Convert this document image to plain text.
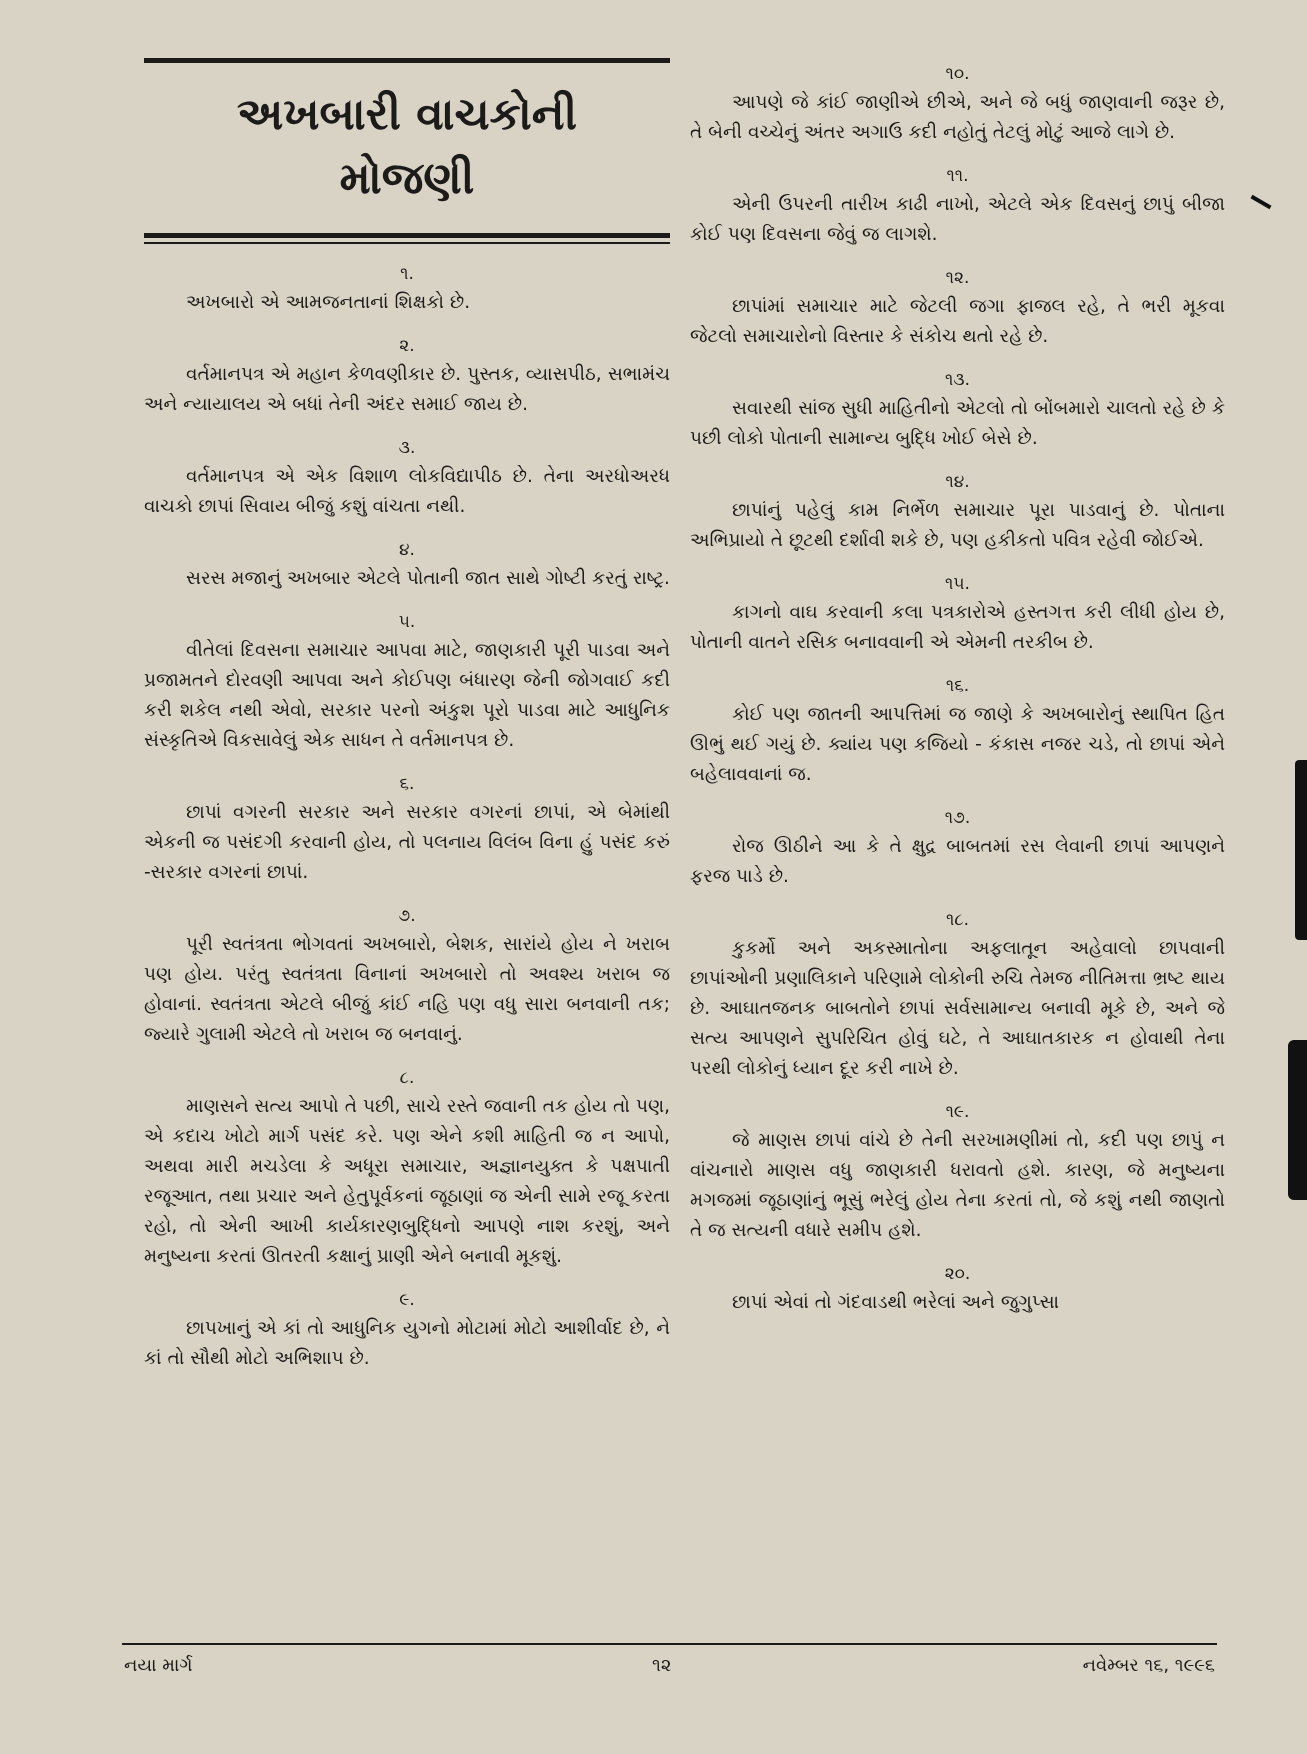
અખબારી વાચકોની
મોજણી
૧.

અખબારો એ આમજનતાનાં શિક્ષકો છે.

૨.

વર્તમાનપત્ર એ મહાન કેળવણીકાર છે. પુસ્તક, વ્યાસપીઠ, સભામંચ અને ન્યાયાલય એ બધાં તેની અંદર સમાઈ જાય છે.

૩.

વર્તમાનપત્ર એ એક વિશાળ લોકવિદ્યાપીઠ છે. તેના અરધોઅરધ વાચકો છાપાં સિવાય બીજું કશું વાંચતા નથી.

૪.

સરસ મજાનું અખબાર એટલે પોતાની જાત સાથે ગોષ્ટી કરતું રાષ્ટ્ર.

૫.

વીતેલાં દિવસના સમાચાર આપવા માટે, જાણકારી પૂરી પાડવા અને પ્રજામતને દોરવણી આપવા અને કોઈપણ બંધારણ જેની જોગવાઈ કદી કરી શકેલ નથી એવો, સરકાર પરનો અંકુશ પૂરો પાડવા માટે આધુનિક સંસ્કૃતિએ વિકસાવેલું એક સાધન તે વર્તમાનપત્ર છે.

૬.

છાપાં વગરની સરકાર અને સરકાર વગરનાં છાપાં, એ બેમાંથી એકની જ પસંદગી કરવાની હોય, તો પલનાય વિલંબ વિના હું પસંદ કરું -સરકાર વગરનાં છાપાં.

૭.

પૂરી સ્વતંત્રતા ભોગવતાં અખબારો, બેશક, સારાંયે હોય ને ખરાબ પણ હોય. પરંતુ સ્વતંત્રતા વિનાનાં અખબારો તો અવશ્ય ખરાબ જ હોવાનાં. સ્વતંત્રતા એટલે બીજું કાંઈ નહિ પણ વધુ સારા બનવાની તક; જ્યારે ગુલામી એટલે તો ખરાબ જ બનવાનું.

૮.

માણસને સત્ય આપો તે પછી, સાચે રસ્તે જવાની તક હોય તો પણ, એ કદાચ ખોટો માર્ગ પસંદ કરે. પણ એને કશી માહિતી જ ન આપો, અથવા મારી મચડેલા કે અધૂરા સમાચાર, અજ્ઞાનયુક્ત કે પક્ષપાતી રજૂઆત, તથા પ્રચાર અને હેતુપૂર્વકનાં જૂઠાણાં જ એની સામે રજૂ કરતા રહો, તો એની આખી કાર્યકારણબુદ્ધિનો આપણે નાશ કરશું, અને મનુષ્યના કરતાં ઊતરતી કક્ષાનું પ્રાણી એને બનાવી મૂકશું.

૯.

છાપખાનું એ કાં તો આધુનિક યુગનો મોટામાં મોટો આશીર્વાદ છે, ને કાં તો સૌથી મોટો અભિશાપ છે.

૧૦.

આપણે જે કાંઈ જાણીએ છીએ, અને જે બધું જાણવાની જરૂર છે, તે બેની વચ્ચેનું અંતર અગાઉ કદી નહોતું તેટલું મોટું આજે લાગે છે.

૧૧.

એની ઉપરની તારીખ કાઢી નાખો, એટલે એક દિવસનું છાપું બીજા કોઈ પણ દિવસના જેવું જ લાગશે.

૧૨.

છાપાંમાં સમાચાર માટે જેટલી જગા ફાજલ રહે, તે ભરી મૂકવા જેટલો સમાચારોનો વિસ્તાર કે સંકોચ થતો રહે છે.

૧૩.

સવારથી સાંજ સુધી માહિતીનો એટલો તો બોંબમારો ચાલતો રહે છે કે પછી લોકો પોતાની સામાન્ય બુદ્ધિ ખોઈ બેસે છે.

૧૪.

છાપાંનું પહેલું કામ નિર્ભેળ સમાચાર પૂરા પાડવાનું છે. પોતાના અભિપ્રાયો તે છૂટથી દર્શાવી શકે છે, પણ હકીકતો પવિત્ર રહેવી જોઈએ.

૧૫.

કાગનો વાઘ કરવાની કલા પત્રકારોએ હસ્તગત્ત કરી લીધી હોય છે, પોતાની વાતને રસિક બનાવવાની એ એમની તરકીબ છે.

૧૬.

કોઈ પણ જાતની આપત્તિમાં જ જાણે કે અખબારોનું સ્થાપિત હિત ઊભું થઈ ગયું છે. ક્યાંય પણ કજિયો - કંકાસ નજર ચડે, તો છાપાં એને બહેલાવવાનાં જ.

૧૭.

રોજ ઊઠીને આ કે તે ક્ષુદ્ર બાબતમાં રસ લેવાની છાપાં આપણને ફરજ પાડે છે.

૧૮.

કુકર્મો અને અકસ્માતોના અફલાતૂન અહેવાલો છાપવાની છાપાંઓની પ્રણાલિકાને પરિણામે લોકોની રુચિ તેમજ નીતિમત્તા ભ્રષ્ટ થાય છે. આઘાતજનક બાબતોને છાપાં સર્વસામાન્ય બનાવી મૂકે છે, અને જે સત્ય આપણને સુપરિચિત હોવું ઘટે, તે આઘાતકારક ન હોવાથી તેના પરથી લોકોનું ધ્યાન દૂર કરી નાખે છે.

૧૯.

જે માણસ છાપાં વાંચે છે તેની સરખામણીમાં તો, કદી પણ છાપું ન વાંચનારો માણસ વધુ જાણકારી ધરાવતો હશે. કારણ, જે મનુષ્યના મગજમાં જૂઠાણાંનું ભૂસું ભરેલું હોય તેના કરતાં તો, જે કશું નથી જાણતો તે જ સત્યની વધારે સમીપ હશે.

૨૦.

છાપાં એવાં તો ગંદવાડથી ભરેલાં અને જુગુપ્સા

નયા માર્ગ	૧૨	નવેમ્બર ૧૬, ૧૯૯૬
